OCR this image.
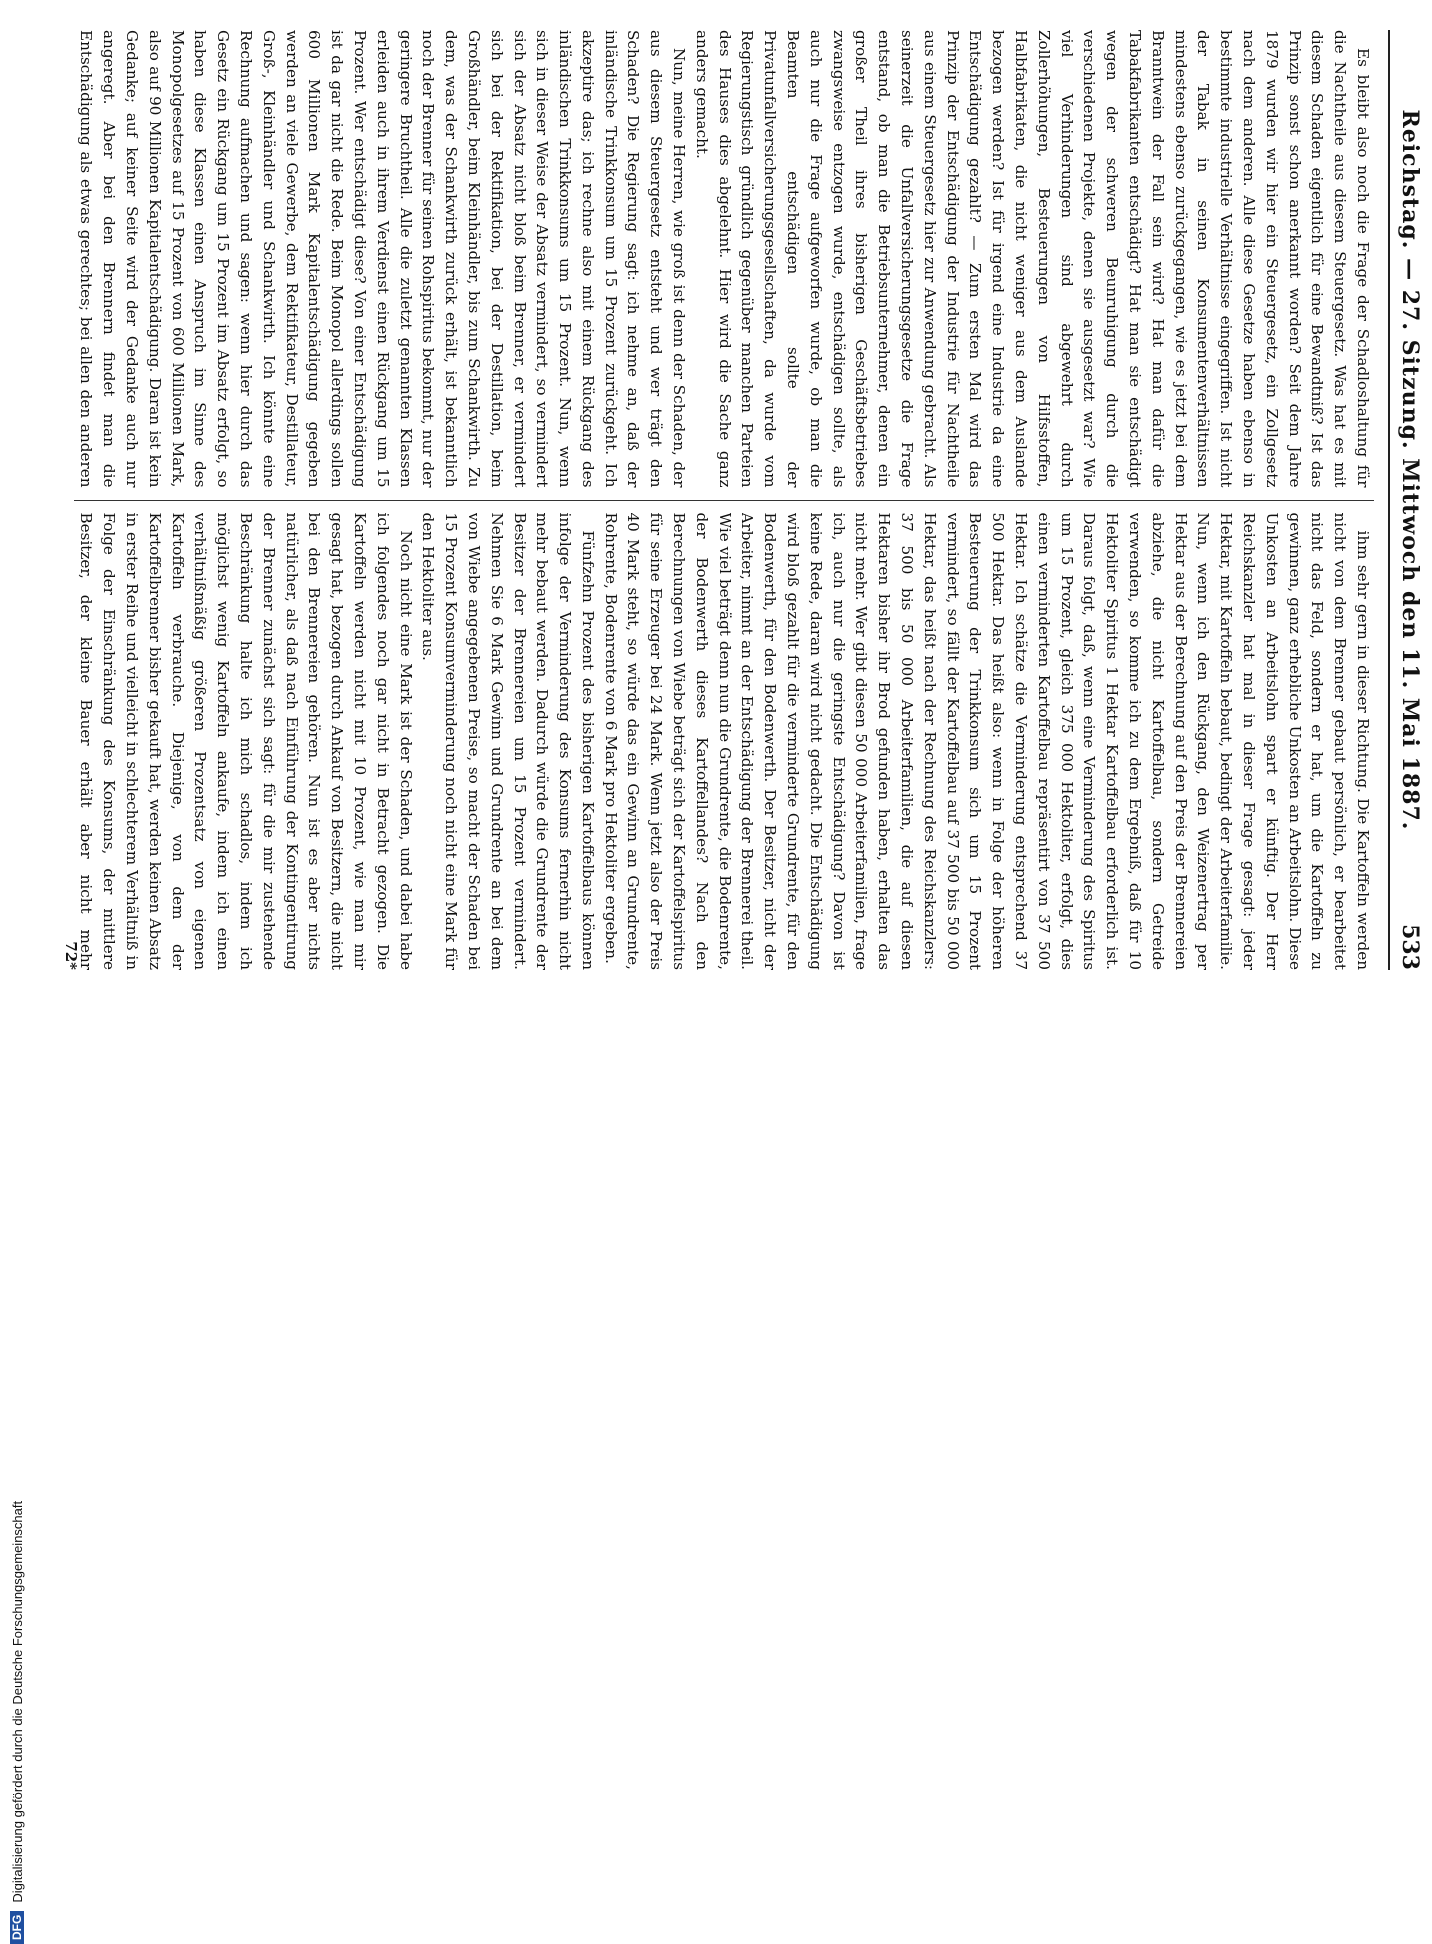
DFG
Digitalisierung gefördert durch die Deutsche Forschungsgemeinschaft
Reichstag. — 27. Sitzung. Mittwoch den 11. Mai 1887.
533

Es bleibt also noch die Frage der Schadloshaltung für die Nachtheile aus diesem Steuergesetz. Was hat es mit diesem Schaden eigentlich für eine Bewandtniß? Ist das Prinzip sonst schon anerkannt worden? Seit dem Jahre 1879 wurden wir hier ein Steuergesetz, ein Zollgesetz nach dem anderen. Alle diese Gesetze haben ebenso in bestimmte industrielle Verhältnisse eingegriffen. Ist nicht der Tabak in seinen Konsumentenverhältnissen mindestens ebenso zurückgegangen, wie es jetzt bei dem Branntwein der Fall sein wird? Hat man dafür die Tabakfabrikanten entschädigt? Hat man sie entschädigt wegen der schweren Beunruhigung durch die verschiedenen Projekte, denen sie ausgesetzt war? Wie viel Verhinderungen sind abgewehrt durch Zollerhöhungen, Besteuerungen von Hilfsstoffen, Halbfabrikaten, die nicht weniger aus dem Auslande bezogen werden? Ist für irgend eine Industrie da eine Entschädigung gezahlt? — Zum ersten Mal wird das Prinzip der Entschädigung der Industrie für Nachtheile aus einem Steuergesetz hier zur Anwendung gebracht. Als seinerzeit die Unfallversicherungsgesetze die Frage entstand, ob man die Betriebsunternehmer, denen ein großer Theil ihres bisherigen Geschäftsbetriebes zwangsweise entzogen wurde, entschädigen sollte, als auch nur die Frage aufgeworfen wurde, ob man die Beamten entschädigen sollte der Privatunfallversicherungsgesellschaften, da wurde vom Regierungstisch gründlich gegenüber manchen Parteien des Hauses dies abgelehnt. Hier wird die Sache ganz anders gemacht.

Nun, meine Herren, wie groß ist denn der Schaden, der aus diesem Steuergesetz entsteht und wer trägt den Schaden? Die Regierung sagt: ich nehme an, daß der inländische Trinkkonsum um 15 Prozent zurückgeht. Ich akzeptire das; ich rechne also mit einem Rückgang des inländischen Trinkkonsums um 15 Prozent. Nun, wenn sich in dieser Weise der Absatz vermindert, so vermindert sich der Absatz nicht bloß beim Brenner, er vermindert sich bei der Rektifikation, bei der Destillation, beim Großhändler, beim Kleinhändler, bis zum Schankwirth. Zu dem, was der Schankwirth zurück erhält, ist bekanntlich noch der Brenner für seinen Rohspiritus bekommt, nur der geringere Bruchtheil. Alle die zuletzt genannten Klassen erleiden auch in ihrem Verdienst einen Rückgang um 15 Prozent. Wer entschädigt diese? Von einer Entschädigung ist da gar nicht die Rede. Beim Monopol allerdings sollen 600 Millionen Mark Kapitalentschädigung gegeben werden an viele Gewerbe, dem Rektifikateur, Destillateur, Groß-, Kleinhändler und Schankwirth. Ich könnte eine Rechnung aufmachen und sagen: wenn hier durch das Gesetz ein Rückgang um 15 Prozent im Absatz erfolgt, so haben diese Klassen einen Anspruch im Sinne des Monopolgesetzes auf 15 Prozent von 600 Millionen Mark, also auf 90 Millionen Kapitalentschädigung. Daran ist kein Gedanke; auf keiner Seite wird der Gedanke auch nur angeregt. Aber bei den Brennern findet man die Entschädigung als etwas gerechtes; bei allen den anderen

ihm sehr gern in dieser Richtung. Die Kartoffeln werden nicht von dem Brenner gebaut persönlich, er bearbeitet nicht das Feld, sondern er hat, um die Kartoffeln zu gewinnen, ganz erhebliche Unkosten an Arbeitslohn. Diese Unkosten an Arbeitslohn spart er künftig. Der Herr Reichskanzler hat mal in dieser Frage gesagt: jeder Hektar, mit Kartoffeln bebaut, bedingt der Arbeiterfamilie. Nun, wenn ich den Rückgang, den Weizenertrag per Hektar aus der Berechnung auf den Preis der Brennereien abziehe, die nicht Kartoffelbau, sondern Getreide verwenden, so komme ich zu dem Ergebniß, daß für 10 Hektoliter Spiritus 1 Hektar Kartoffelbau erforderlich ist. Daraus folgt, daß, wenn eine Verminderung des Spiritus um 15 Prozent, gleich 375 000 Hektoliter, erfolgt, dies einen verminderten Kartoffelbau repräsentirt von 37 500 Hektar. Ich schätze die Verminderung entsprechend 37 500 Hektar. Das heißt also: wenn in Folge der höheren Besteuerung der Trinkkonsum sich um 15 Prozent vermindert, so fällt der Kartoffelbau auf 37 500 bis 50 000 Hektar, das heißt nach der Rechnung des Reichskanzlers: 37 500 bis 50 000 Arbeiterfamilien, die auf diesen Hektaren bisher ihr Brod gefunden haben, erhalten das nicht mehr. Wer gibt diesen 50 000 Arbeiterfamilien, frage ich, auch nur die geringste Entschädigung? Davon ist keine Rede, daran wird nicht gedacht. Die Entschädigung wird bloß gezahlt für die verminderte Grundrente, für den Bodenwerth, für den Bodenwerth. Der Besitzer, nicht der Arbeiter, nimmt an der Entschädigung der Brennerei theil. Wie viel beträgt denn nun die Grundrente, die Bodenrente, der Bodenwerth dieses Kartoffellandes? Nach den Berechnungen von Wiebe beträgt sich der Kartoffelspiritus für seine Erzeuger bei 24 Mark. Wenn jetzt also der Preis 40 Mark steht, so würde das ein Gewinn an Grundrente, Rohrente, Bodenrente von 6 Mark pro Hektoliter ergeben.

Fünfzehn Prozent des bisherigen Kartoffelbaus können infolge der Verminderung des Konsums fernerhin nicht mehr bebaut werden. Dadurch würde die Grundrente der Besitzer der Brennereien um 15 Prozent vermindert. Nehmen Sie 6 Mark Gewinn und Grundrente an bei dem von Wiebe angegebenen Preise, so macht der Schaden bei 15 Prozent Konsumverminderung noch nicht eine Mark für den Hektoliter aus.

Noch nicht eine Mark ist der Schaden, und dabei habe ich folgendes noch gar nicht in Betracht gezogen. Die Kartoffeln werden nicht mit 10 Prozent, wie man mir gesagt hat, bezogen durch Ankauf von Besitzern, die nicht bei den Brennereien gehören. Nun ist es aber nichts natürlicher, als daß nach Einführung der Kontingentirung der Brenner zunächst sich sagt: für die mir zustehende Beschränkung halte ich mich schadlos, indem ich möglichst wenig Kartoffeln ankaufe, indem ich einen verhältnißmäßig größeren Prozentsatz von eigenen Kartoffeln verbrauche. Diejenige, von dem der Kartoffelbrenner bisher gekauft hat, werden keinen Absatz in erster Reihe und vielleicht in schlechterem Verhältniß in Folge der Einschränkung des Konsums, der mittlere Besitzer, der kleine Bauer erhält aber nicht mehr

72*
